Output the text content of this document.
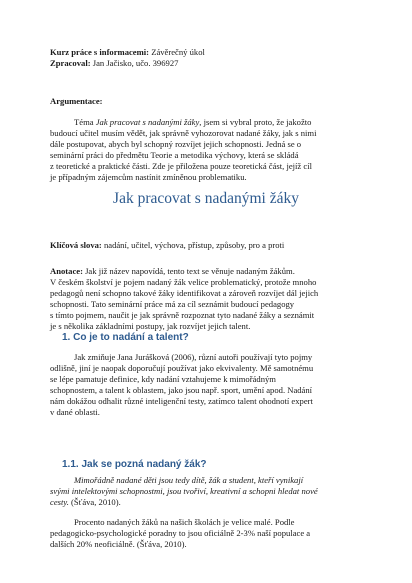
Kurz práce s informacemi: Závěrečný úkol
Zpracoval: Jan Jačisko, učo. 396927
Argumentace:
Téma Jak pracovat s nadanými žáky, jsem si vybral proto, že jakožto
budoucí učitel musím vědět, jak správně vyhozorovat nadané žáky, jak s nimi
dále postupovat, abych byl schopný rozvíjet jejich schopnosti. Jedná se o
seminární práci do předmětu Teorie a metodika výchovy, která se skládá
z teoretické a praktické části. Zde je přiložena pouze teoretická část, jejíž cíl
je případným zájemcům nastínit zmíněnou problematiku.
Jak pracovat s nadanými žáky
Klíčová slova: nadání, učitel, výchova, přístup, způsoby, pro a proti
Anotace: Jak již název napovídá, tento text se věnuje nadaným žákům.
V českém školství je pojem nadaný žák velice problematický, protože mnoho
pedagogů není schopno takové žáky identifikovat a zároveň rozvíjet dál jejich
schopnosti. Tato seminární práce má za cíl seznámit budoucí pedagogy
s tímto pojmem, naučit je jak správně rozpoznat tyto nadané žáky a seznámit
je s několika základními postupy, jak rozvíjet jejich talent.
1. Co je to nadání a talent?
Jak zmiňuje Jana Jurášková (2006), různí autoři používají tyto pojmy
odlišně, jiní je naopak doporučují používat jako ekvivalenty. Mě samotnému
se lépe pamatuje definice, kdy nadání vztahujeme k mimořádným
schopnostem, a talent k oblastem, jako jsou např. sport, umění apod. Nadání
nám dokážou odhalit různé inteligenční testy, zatímco talent ohodnotí expert
v dané oblasti.
1.1. Jak se pozná nadaný žák?
Mimořádně nadané děti jsou tedy dítě, žák a student, kteří vynikají
svými intelektovými schopnostmi, jsou tvořiví, kreativní a schopni hledat nové
cesty. (Šťáva, 2010).
Procento nadaných žáků na našich školách je velice malé. Podle
pedagogicko-psychologické poradny to jsou oficiálně 2-3% naší populace a
dalších 20% neoficiálně. (Šťáva, 2010).
